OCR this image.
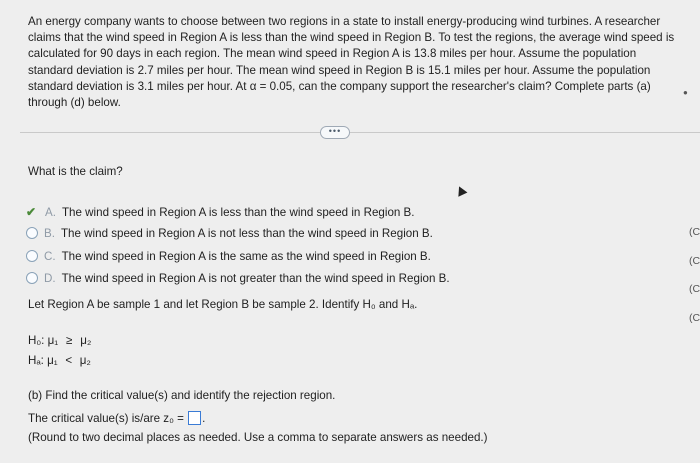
An energy company wants to choose between two regions in a state to install energy-producing wind turbines. A researcher claims that the wind speed in Region A is less than the wind speed in Region B. To test the regions, the average wind speed is calculated for 90 days in each region. The mean wind speed in Region A is 13.8 miles per hour. Assume the population standard deviation is 2.7 miles per hour. The mean wind speed in Region B is 15.1 miles per hour. Assume the population standard deviation is 3.1 miles per hour. At α = 0.05, can the company support the researcher's claim? Complete parts (a) through (d) below.
•••
●
What is the claim?
✔ A. The wind speed in Region A is less than the wind speed in Region B.
B. The wind speed in Region A is not less than the wind speed in Region B.
C. The wind speed in Region A is the same as the wind speed in Region B.
D. The wind speed in Region A is not greater than the wind speed in Region B.
(C
(C
(C
(C
Let Region A be sample 1 and let Region B be sample 2. Identify H₀ and Hₐ.
H₀: μ₁ ≥ μ₂
Hₐ: μ₁ < μ₂
(b) Find the critical value(s) and identify the rejection region.
The critical value(s) is/are z₀ = .
(Round to two decimal places as needed. Use a comma to separate answers as needed.)
